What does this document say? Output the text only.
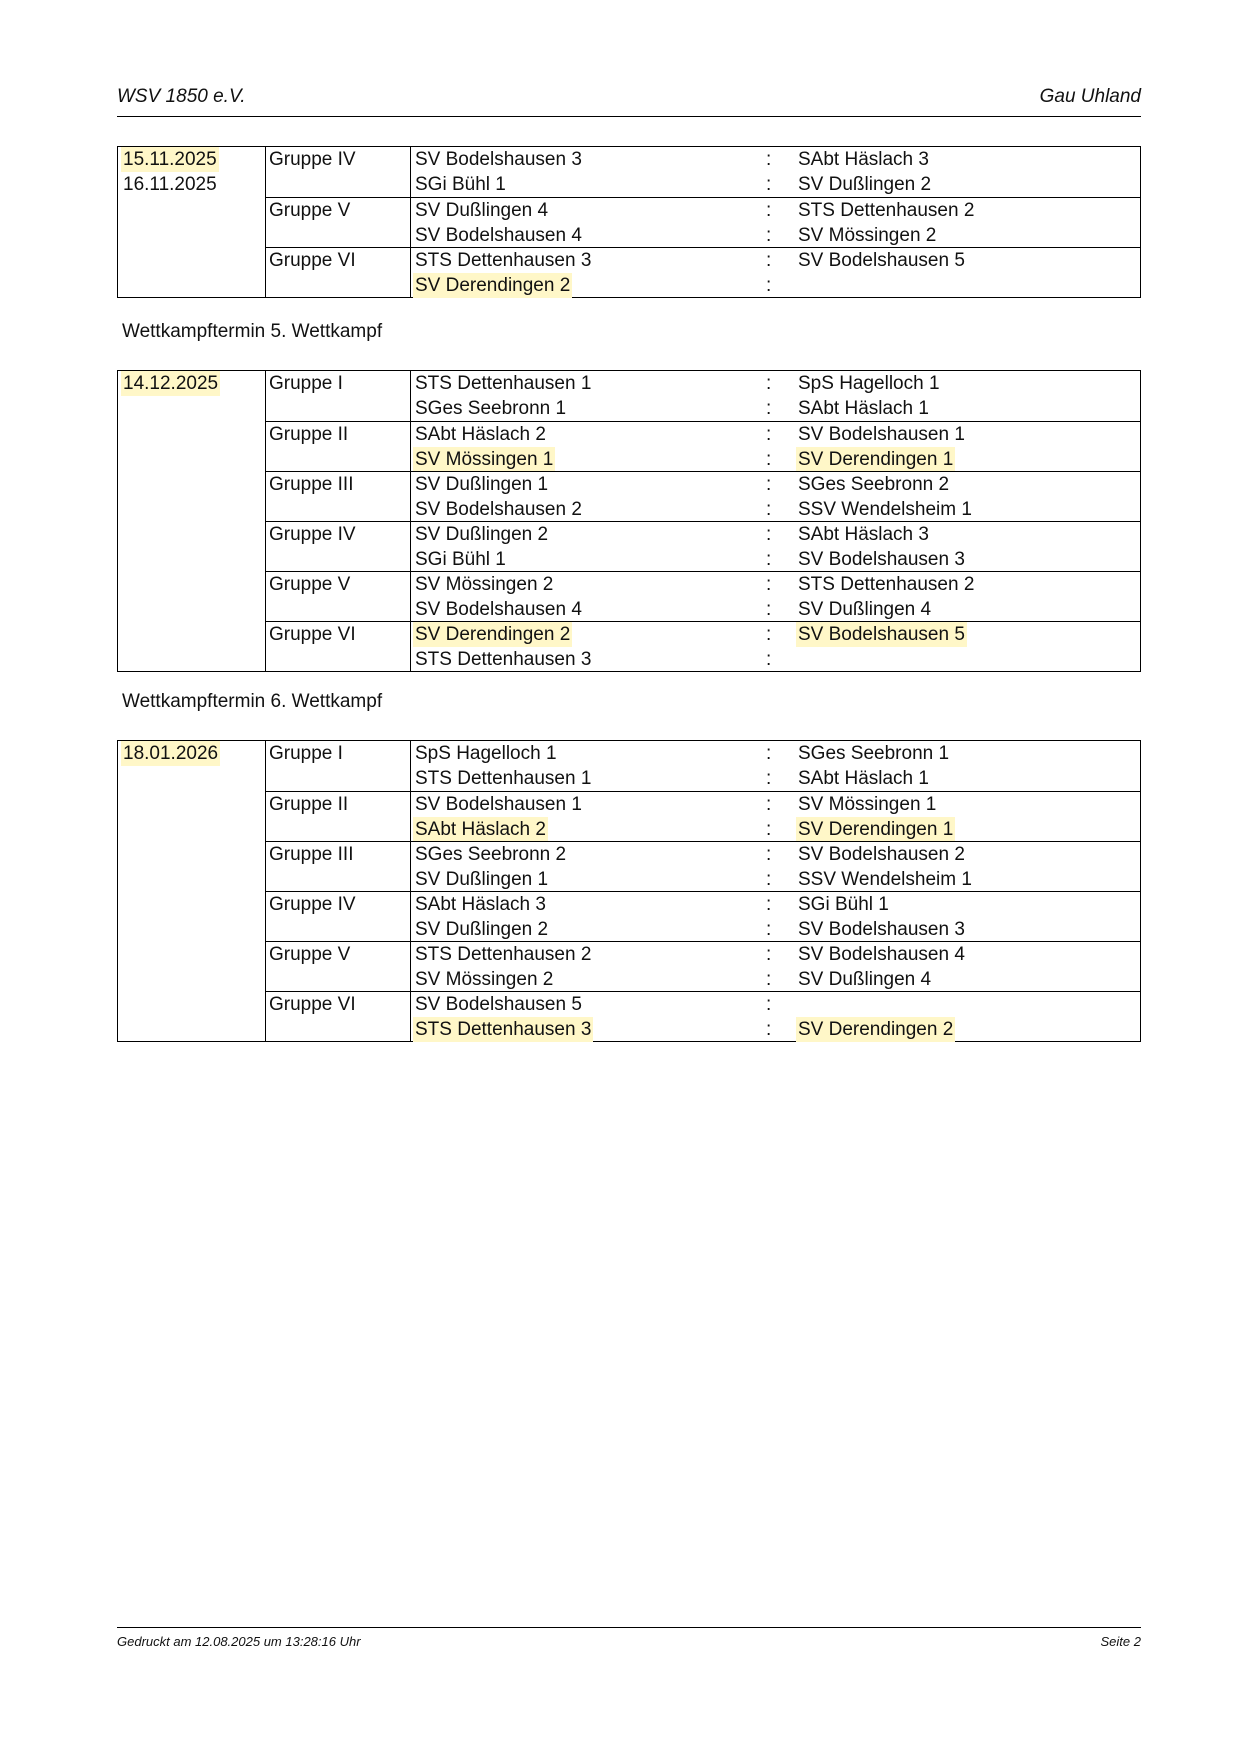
WSV 1850 e.V.	Gau Uhland
15.11.2025
16.11.2025
Gruppe IV	SV Bodelshausen 3	: SAbt Häslach 3
SGi Bühl 1	: SV Dußlingen 2
Gruppe V	SV Dußlingen 4	: STS Dettenhausen 2
SV Bodelshausen 4	: SV Mössingen 2
Gruppe VI	STS Dettenhausen 3	: SV Bodelshausen 5
SV Derendingen 2	:
Wettkampftermin 5. Wettkampf
14.12.2025	Gruppe I	STS Dettenhausen 1	: SpS Hagelloch 1
SGes Seebronn 1	: SAbt Häslach 1
Gruppe II	SAbt Häslach 2	: SV Bodelshausen 1
SV Mössingen 1	: SV Derendingen 1
Gruppe III	SV Dußlingen 1	: SGes Seebronn 2
SV Bodelshausen 2	: SSV Wendelsheim 1
Gruppe IV	SV Dußlingen 2	: SAbt Häslach 3
SGi Bühl 1	: SV Bodelshausen 3
Gruppe V	SV Mössingen 2	: STS Dettenhausen 2
SV Bodelshausen 4	: SV Dußlingen 4
Gruppe VI	SV Derendingen 2	: SV Bodelshausen 5
STS Dettenhausen 3	:
Wettkampftermin 6. Wettkampf
18.01.2026	Gruppe I	SpS Hagelloch 1	: SGes Seebronn 1
STS Dettenhausen 1	: SAbt Häslach 1
Gruppe II	SV Bodelshausen 1	: SV Mössingen 1
SAbt Häslach 2	: SV Derendingen 1
Gruppe III	SGes Seebronn 2	: SV Bodelshausen 2
SV Dußlingen 1	: SSV Wendelsheim 1
Gruppe IV	SAbt Häslach 3	: SGi Bühl 1
SV Dußlingen 2	: SV Bodelshausen 3
Gruppe V	STS Dettenhausen 2	: SV Bodelshausen 4
SV Mössingen 2	: SV Dußlingen 4
Gruppe VI	SV Bodelshausen 5	:
STS Dettenhausen 3	: SV Derendingen 2
Gedruckt am 12.08.2025 um 13:28:16 Uhr	Seite 2
